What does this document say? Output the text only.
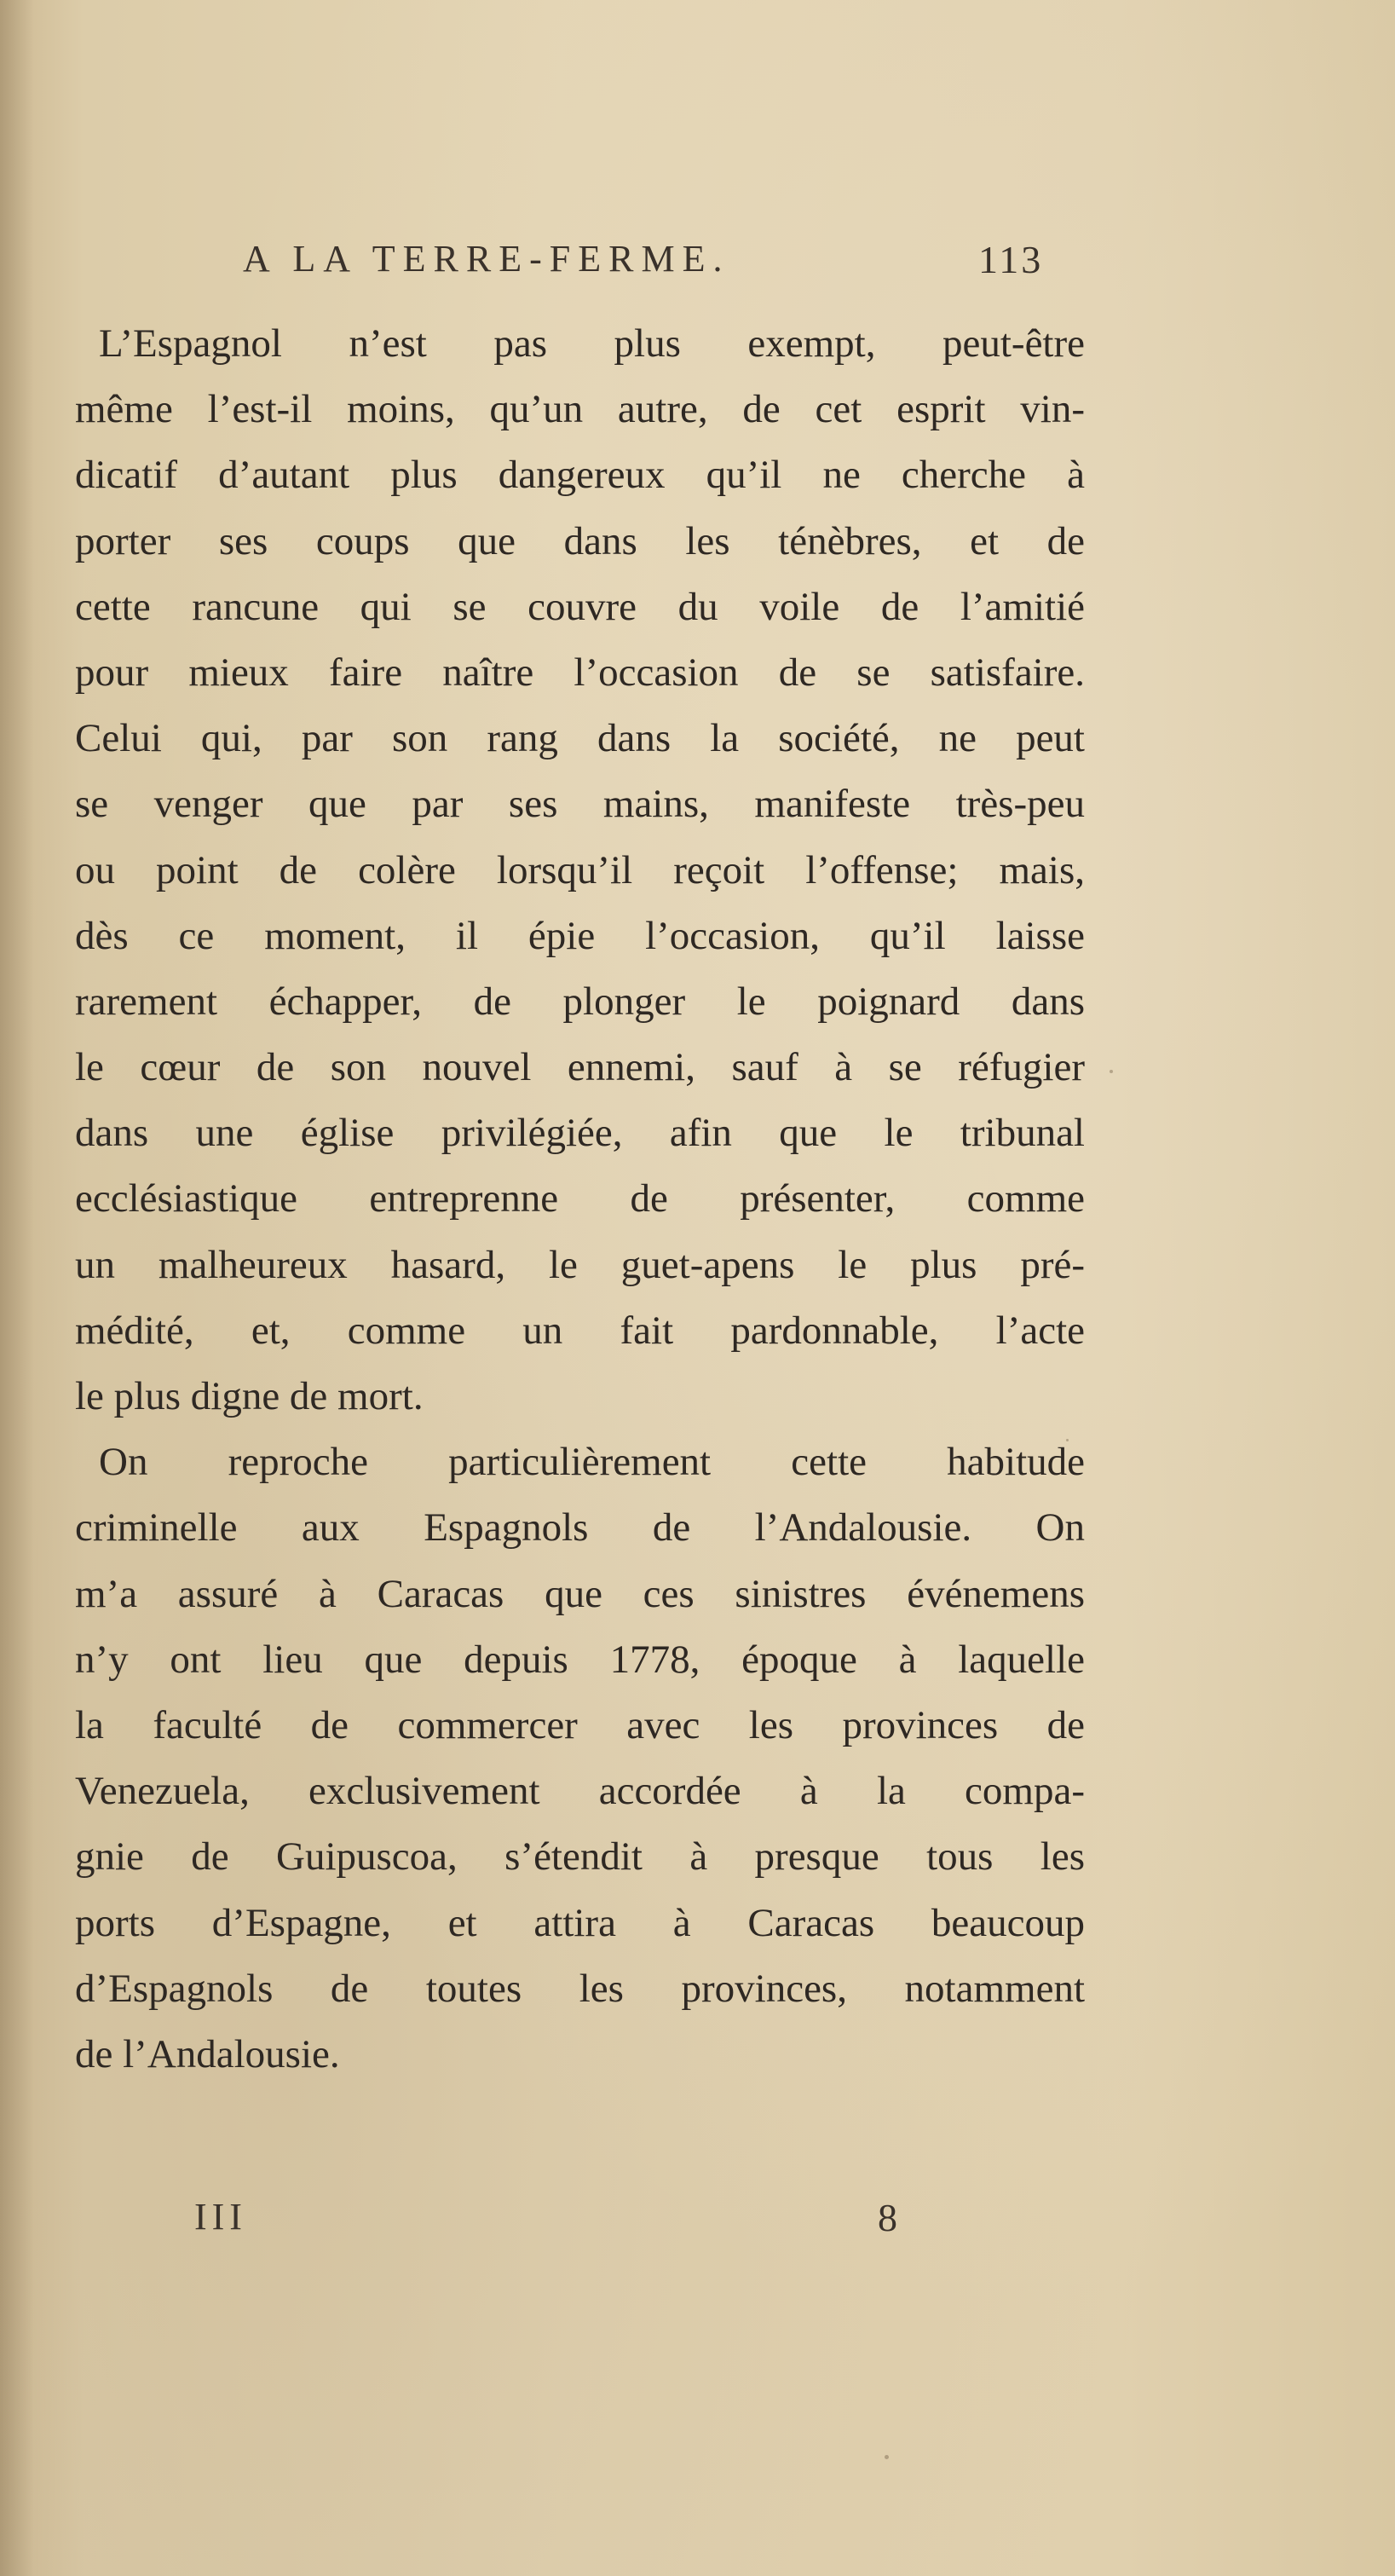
A LA TERRE-FERME.	113
L’Espagnol n’est pas plus exempt, peut-être
même l’est-il moins, qu’un autre, de cet esprit vin-
dicatif d’autant plus dangereux qu’il ne cherche à
porter ses coups que dans les ténèbres, et de
cette rancune qui se couvre du voile de l’amitié
pour mieux faire naître l’occasion de se satisfaire.
Celui qui, par son rang dans la société, ne peut
se venger que par ses mains, manifeste très-peu
ou point de colère lorsqu’il reçoit l’offense; mais,
dès ce moment, il épie l’occasion, qu’il laisse
rarement échapper, de plonger le poignard dans
le cœur de son nouvel ennemi, sauf à se réfugier
dans une église privilégiée, afin que le tribunal
ecclésiastique entreprenne de présenter, comme
un malheureux hasard, le guet-apens le plus pré-
médité, et, comme un fait pardonnable, l’acte
le plus digne de mort.
On reproche particulièrement cette habitude
criminelle aux Espagnols de l’Andalousie. On
m’a assuré à Caracas que ces sinistres événemens
n’y ont lieu que depuis 1778, époque à laquelle
la faculté de commercer avec les provinces de
Venezuela, exclusivement accordée à la compa-
gnie de Guipuscoa, s’étendit à presque tous les
ports d’Espagne, et attira à Caracas beaucoup
d’Espagnols de toutes les provinces, notamment
de l’Andalousie.
III	8
